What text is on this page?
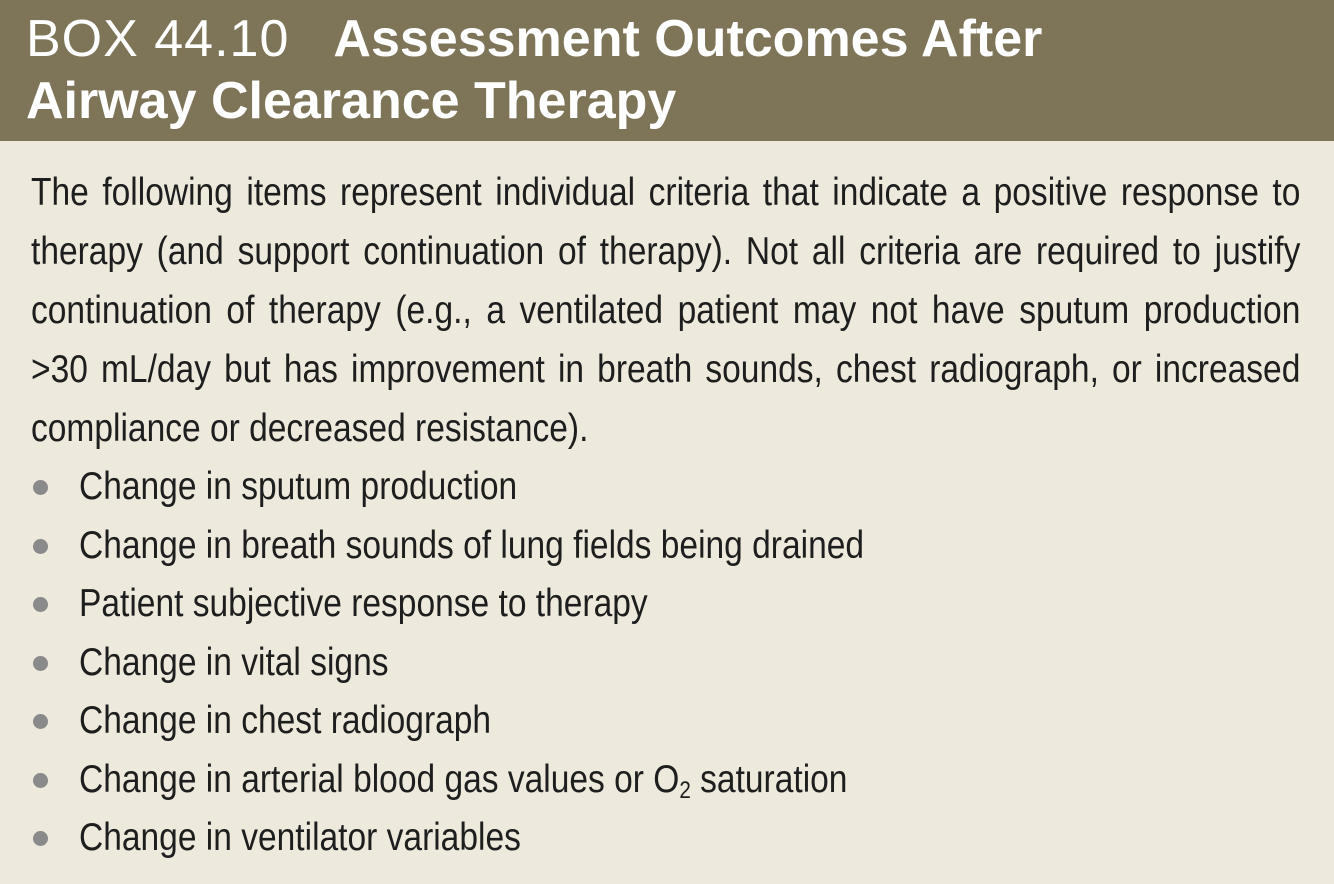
BOX 44.10 Assessment Outcomes After
Airway Clearance Therapy

The following items represent individual criteria that indicate a positive response to therapy (and support continuation of therapy). Not all criteria are required to justify continuation of therapy (e.g., a ventilated patient may not have sputum production >30 mL/day but has improvement in breath sounds, chest radiograph, or increased compliance or decreased resistance).

Change in sputum production
Change in breath sounds of lung fields being drained
Patient subjective response to therapy
Change in vital signs
Change in chest radiograph
Change in arterial blood gas values or $O_2$ saturation
Change in ventilator variables
